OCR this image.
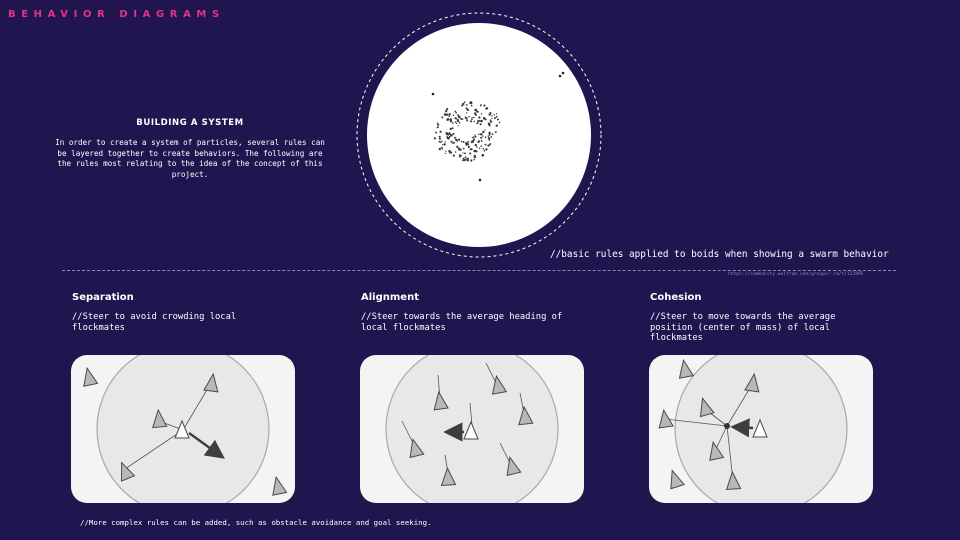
BEHAVIOR DIAGRAMS
BUILDING A SYSTEM
In order to create a system of particles, several rules can be layered together to create behaviors. The following are the rules most relating to the idea of the concept of this project.
//basic rules applied to boids when showing a swarm behavior
https://community.wolfram.com/groups/-/m/t/122895
Separation
//Steer to avoid crowding local flockmates
Alignment
//Steer towards the average heading of local flockmates
Cohesion
//Steer to move towards the average position (center of mass) of local flockmates
//More complex rules can be added, such as obstacle avoidance and goal seeking.
